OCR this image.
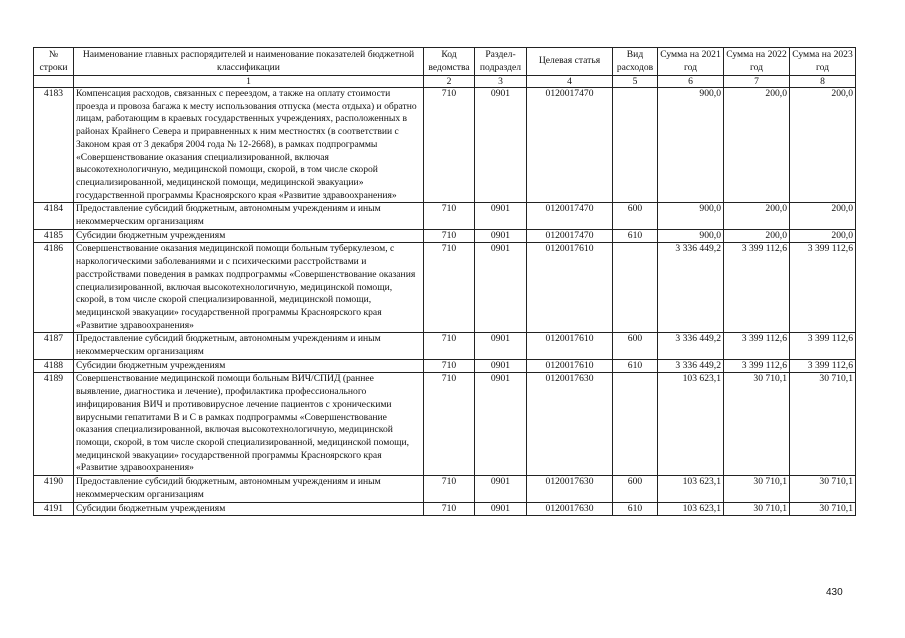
№ строки	Наименование главных распорядителей и наименование показателей бюджетной классификации	Код ведомства	Раздел-подраздел	Целевая статья	Вид расходов	Сумма на 2021 год	Сумма на 2022 год	Сумма на 2023 год
	1	2	3	4	5	6	7	8
4183	Компенсация расходов, связанных с переездом, а также на оплату стоимости проезда и провоза багажа к месту использования отпуска (места отдыха) и обратно лицам, работающим в краевых государственных учреждениях, расположенных в районах Крайнего Севера и приравненных к ним местностях (в соответствии с Законом края от 3 декабря 2004 года № 12-2668), в рамках подпрограммы «Совершенствование оказания специализированной, включая высокотехнологичную, медицинской помощи, скорой, в том числе скорой специализированной, медицинской помощи, медицинской эвакуации» государственной программы Красноярского края «Развитие здравоохранения»	710	0901	0120017470		900,0	200,0	200,0
4184	Предоставление субсидий бюджетным, автономным учреждениям и иным некоммерческим организациям	710	0901	0120017470	600	900,0	200,0	200,0
4185	Субсидии бюджетным учреждениям	710	0901	0120017470	610	900,0	200,0	200,0
4186	Совершенствование оказания медицинской помощи больным туберкулезом, с наркологическими заболеваниями и с психическими расстройствами и расстройствами поведения в рамках подпрограммы «Совершенствование оказания специализированной, включая высокотехнологичную, медицинской помощи, скорой, в том числе скорой специализированной, медицинской помощи, медицинской эвакуации» государственной программы Красноярского края «Развитие здравоохранения»	710	0901	0120017610		3 336 449,2	3 399 112,6	3 399 112,6
4187	Предоставление субсидий бюджетным, автономным учреждениям и иным некоммерческим организациям	710	0901	0120017610	600	3 336 449,2	3 399 112,6	3 399 112,6
4188	Субсидии бюджетным учреждениям	710	0901	0120017610	610	3 336 449,2	3 399 112,6	3 399 112,6
4189	Совершенствование медицинской помощи больным ВИЧ/СПИД (раннее выявление, диагностика и лечение), профилактика профессионального инфицирования ВИЧ и противовирусное лечение пациентов с хроническими вирусными гепатитами В и С в рамках подпрограммы «Совершенствование оказания специализированной, включая высокотехнологичную, медицинской помощи, скорой, в том числе скорой специализированной, медицинской помощи, медицинской эвакуации» государственной программы Красноярского края «Развитие здравоохранения»	710	0901	0120017630		103 623,1	30 710,1	30 710,1
4190	Предоставление субсидий бюджетным, автономным учреждениям и иным некоммерческим организациям	710	0901	0120017630	600	103 623,1	30 710,1	30 710,1
4191	Субсидии бюджетным учреждениям	710	0901	0120017630	610	103 623,1	30 710,1	30 710,1
430
